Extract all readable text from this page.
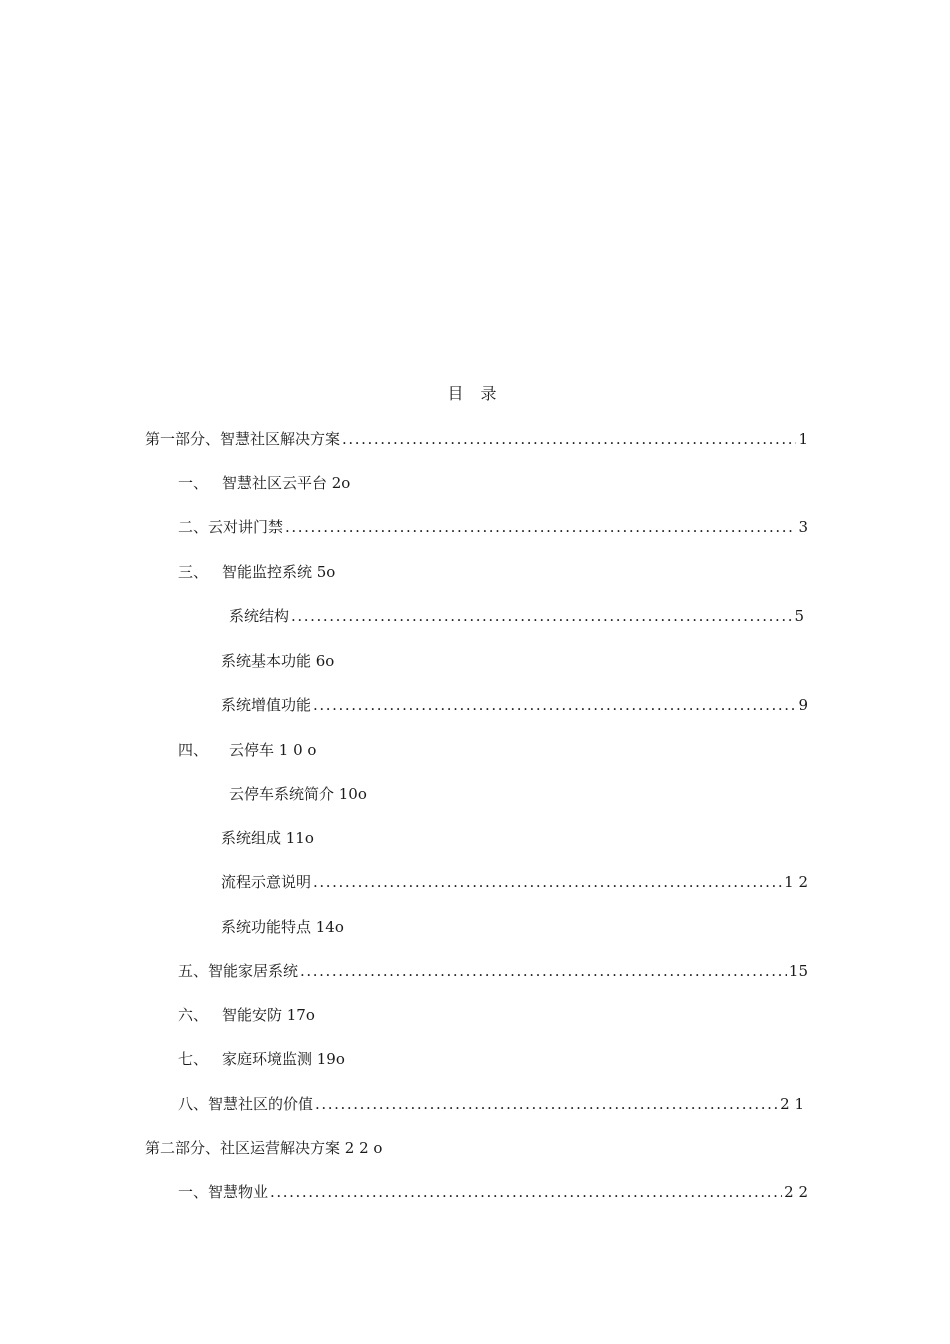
目 录
第一部分、智慧社区解决方案 .....	1
一、 智慧社区云平台 2o
二、 云对讲门禁 .....	3
三、 智能监控系统 5o
系统结构 .....	5
系统基本功能 6o
系统增值功能 .....	9
四、	云停车 1 0 o
云停车系统简介 10o
系统组成 11o
流程示意说明 .....	1 2
系统功能特点 14o
五、 智能家居系统 .....	15
六、 智能安防 17o
七、 家庭环境监测 19o
八、 智慧社区的价值 .....	2 1
第二部分、社区运营解决方案 2 2 o
一、 智慧物业 .....	2 2
